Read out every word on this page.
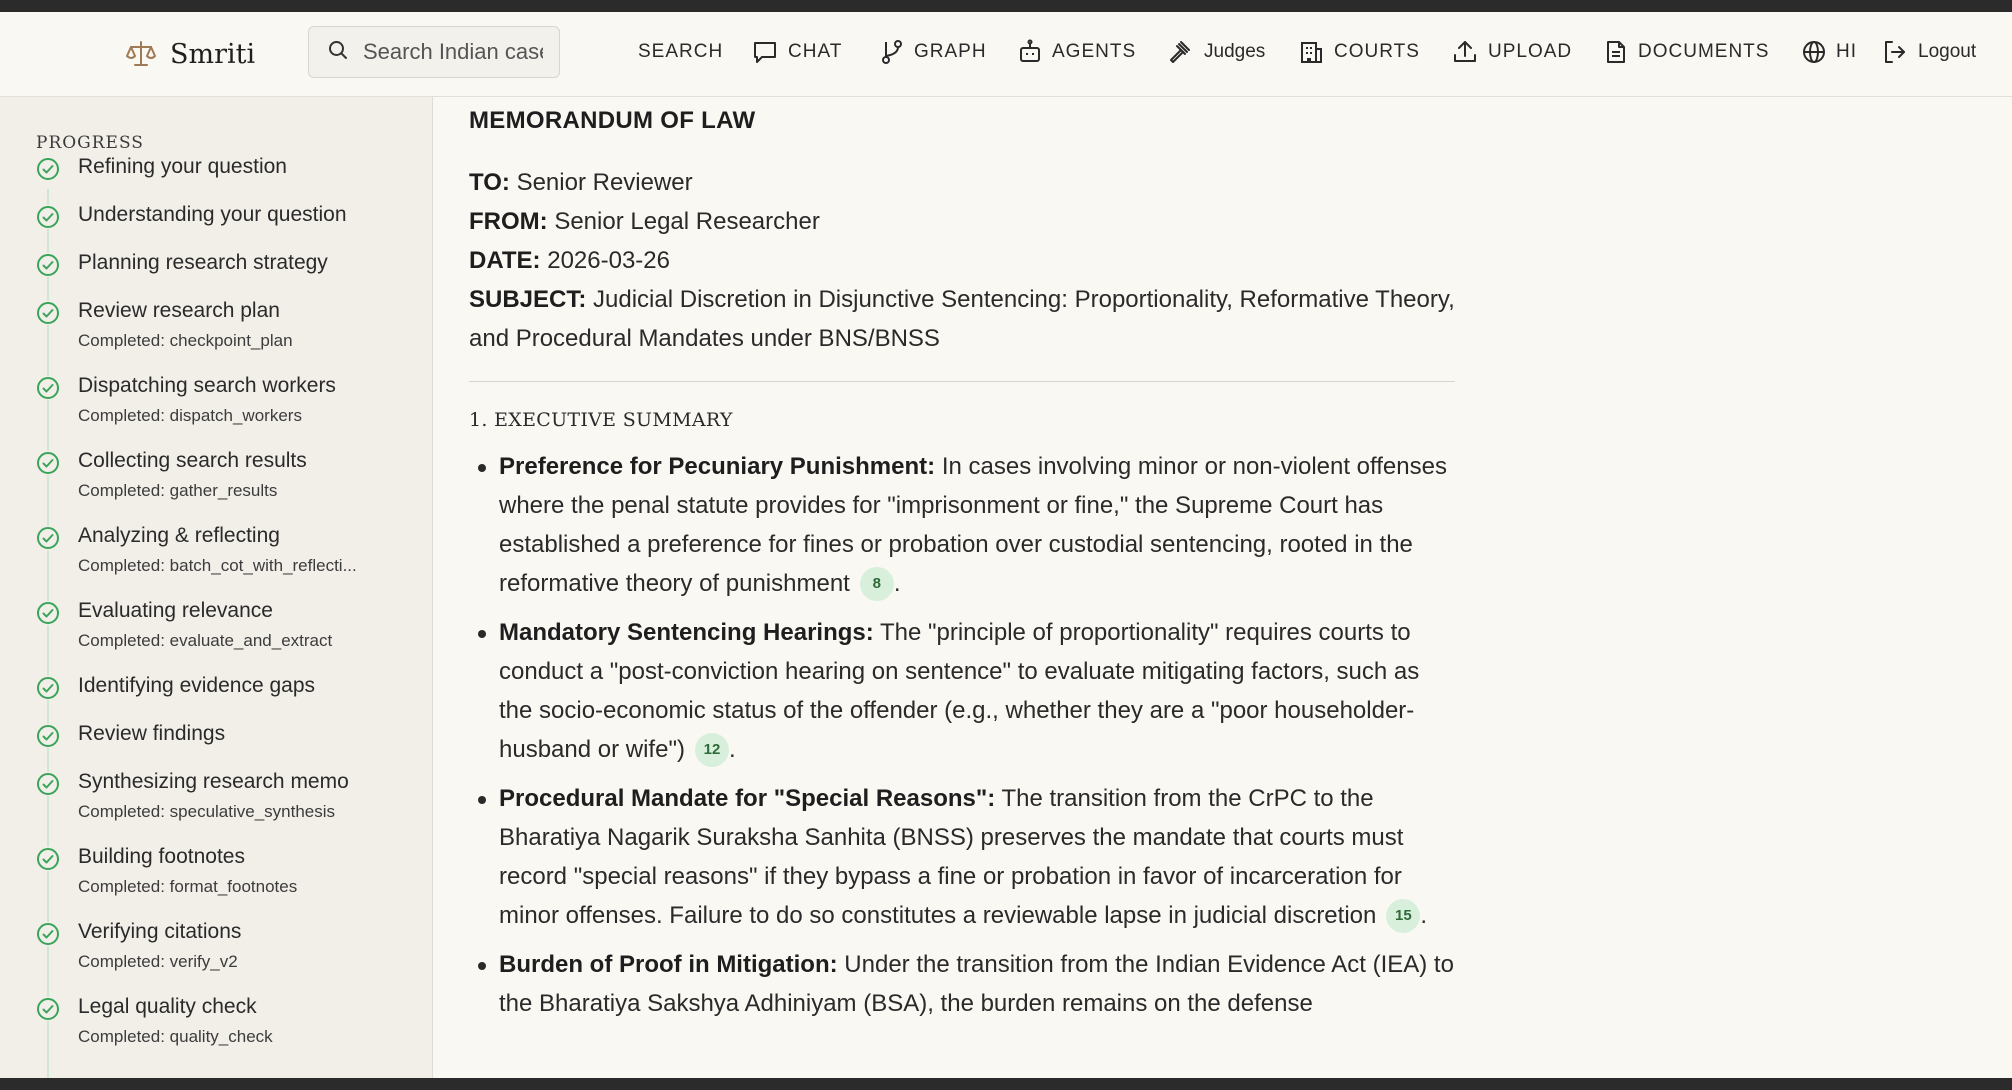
Smriti
Search Indian cases...	SEARCH	CHAT	GRAPH	AGENTS	Judges	COURTS	UPLOAD	DOCUMENTS	HI	Logout
PROGRESS
Refining your question
Understanding your question
Planning research strategy
Review research plan
Completed: checkpoint_plan
Dispatching search workers
Completed: dispatch_workers
Collecting search results
Completed: gather_results
Analyzing & reflecting
Completed: batch_cot_with_reflecti...
Evaluating relevance
Completed: evaluate_and_extract
Identifying evidence gaps
Review findings
Synthesizing research memo
Completed: speculative_synthesis
Building footnotes
Completed: format_footnotes
Verifying citations
Completed: verify_v2
Legal quality check
Completed: quality_check
MEMORANDUM OF LAW
TO: Senior Reviewer
FROM: Senior Legal Researcher
DATE: 2026-03-26
SUBJECT: Judicial Discretion in Disjunctive Sentencing: Proportionality, Reformative Theory, and Procedural Mandates under BNS/BNSS
1. EXECUTIVE SUMMARY
Preference for Pecuniary Punishment: In cases involving minor or non-violent offenses where the penal statute provides for "imprisonment or fine," the Supreme Court has established a preference for fines or probation over custodial sentencing, rooted in the reformative theory of punishment 8 .
Mandatory Sentencing Hearings: The "principle of proportionality" requires courts to conduct a "post-conviction hearing on sentence" to evaluate mitigating factors, such as the socio-economic status of the offender (e.g., whether they are a "poor householder-husband or wife") 12 .
Procedural Mandate for "Special Reasons": The transition from the CrPC to the Bharatiya Nagarik Suraksha Sanhita (BNSS) preserves the mandate that courts must record "special reasons" if they bypass a fine or probation in favor of incarceration for minor offenses. Failure to do so constitutes a reviewable lapse in judicial discretion 15 .
Burden of Proof in Mitigation: Under the transition from the Indian Evidence Act (IEA) to the Bharatiya Sakshya Adhiniyam (BSA), the burden remains on the defense
